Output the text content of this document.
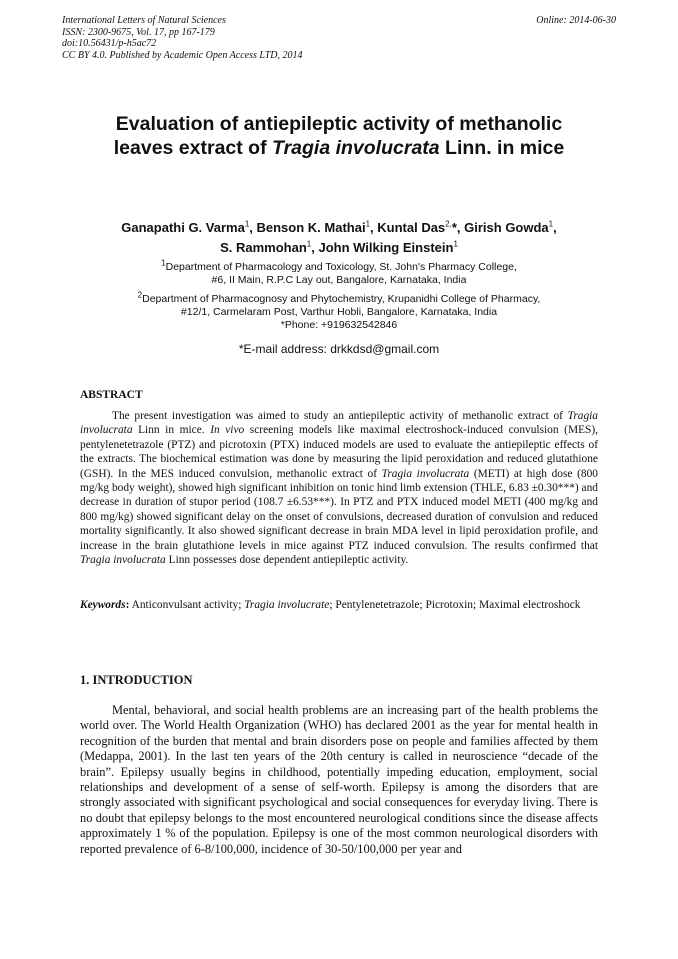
International Letters of Natural Sciences
ISSN: 2300-9675, Vol. 17, pp 167-179
doi:10.56431/p-h5ac72
CC BY 4.0. Published by Academic Open Access LTD, 2014
Online: 2014-06-30
Evaluation of antiepileptic activity of methanolic
leaves extract of Tragia involucrata Linn. in mice
Ganapathi G. Varma$^1$, Benson K. Mathai$^1$, Kuntal Das$^{2,}$*, Girish Gowda$^1$,
S. Rammohan$^1$, John Wilking Einstein$^1$
$^1$Department of Pharmacology and Toxicology, St. John's Pharmacy College,
#6, II Main, R.P.C Lay out, Bangalore, Karnataka, India
$^2$Department of Pharmacognosy and Phytochemistry, Krupanidhi College of Pharmacy,
#12/1, Carmelaram Post, Varthur Hobli, Bangalore, Karnataka, India
*Phone: +919632542846
*E-mail address: drkkdsd@gmail.com
ABSTRACT
The present investigation was aimed to study an antiepileptic activity of methanolic extract of Tragia involucrata Linn in mice. In vivo screening models like maximal electroshock-induced convulsion (MES), pentylenetetrazole (PTZ) and picrotoxin (PTX) induced models are used to evaluate the antiepileptic effects of the extracts. The biochemical estimation was done by measuring the lipid peroxidation and reduced glutathione (GSH). In the MES induced convulsion, methanolic extract of Tragia involucrata (METI) at high dose (800 mg/kg body weight), showed high significant inhibition on tonic hind limb extension (THLE, 6.83 ±0.30***) and decrease in duration of stupor period (108.7 ±6.53***). In PTZ and PTX induced model METI (400 mg/kg and 800 mg/kg) showed significant delay on the onset of convulsions, decreased duration of convulsion and reduced mortality significantly. It also showed significant decrease in brain MDA level in lipid peroxidation profile, and increase in the brain glutathione levels in mice against PTZ induced convulsion. The results confirmed that Tragia involucrata Linn possesses dose dependent antiepileptic activity.
Keywords: Anticonvulsant activity; Tragia involucrate; Pentylenetetrazole; Picrotoxin; Maximal electroshock
1. INTRODUCTION
Mental, behavioral, and social health problems are an increasing part of the health problems the world over. The World Health Organization (WHO) has declared 2001 as the year for mental health in recognition of the burden that mental and brain disorders pose on people and families affected by them (Medappa, 2001). In the last ten years of the 20th century is called in neuroscience “decade of the brain”. Epilepsy usually begins in childhood, potentially impeding education, employment, social relationships and development of a sense of self-worth. Epilepsy is among the disorders that are strongly associated with significant psychological and social consequences for everyday living. There is no doubt that epilepsy belongs to the most encountered neurological conditions since the disease affects approximately 1 % of the population. Epilepsy is one of the most common neurological disorders with reported prevalence of 6-8/100,000, incidence of 30-50/100,000 per year and
